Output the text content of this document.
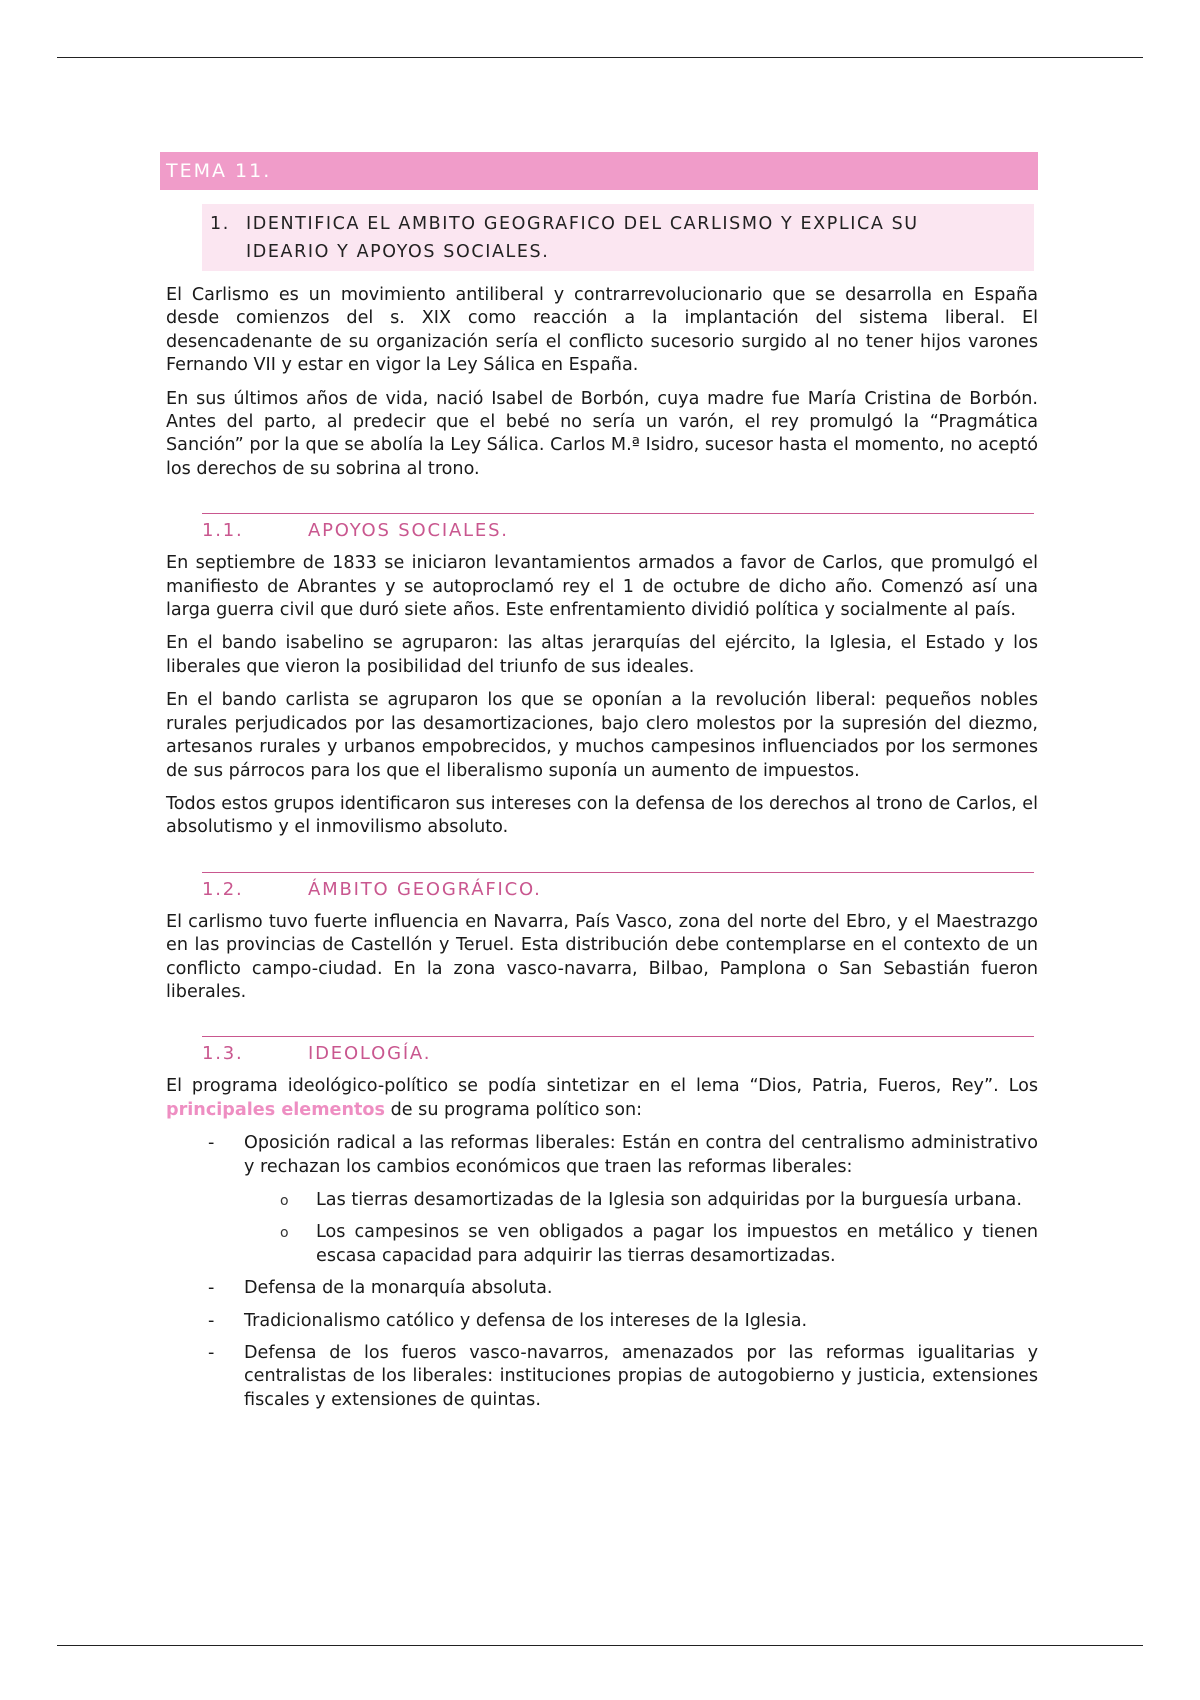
TEMA 11.
1. IDENTIFICA EL AMBITO GEOGRAFICO DEL CARLISMO Y EXPLICA SU IDEARIO Y APOYOS SOCIALES.

El Carlismo es un movimiento antiliberal y contrarrevolucionario que se desarrolla en España desde comienzos del s. XIX como reacción a la implantación del sistema liberal. El desencadenante de su organización sería el conflicto sucesorio surgido al no tener hijos varones Fernando VII y estar en vigor la Ley Sálica en España.

En sus últimos años de vida, nació Isabel de Borbón, cuya madre fue María Cristina de Borbón. Antes del parto, al predecir que el bebé no sería un varón, el rey promulgó la “Pragmática Sanción” por la que se abolía la Ley Sálica. Carlos M.ª Isidro, sucesor hasta el momento, no aceptó los derechos de su sobrina al trono.

1.1.	APOYOS SOCIALES.

En septiembre de 1833 se iniciaron levantamientos armados a favor de Carlos, que promulgó el manifiesto de Abrantes y se autoproclamó rey el 1 de octubre de dicho año. Comenzó así una larga guerra civil que duró siete años. Este enfrentamiento dividió política y socialmente al país.

En el bando isabelino se agruparon: las altas jerarquías del ejército, la Iglesia, el Estado y los liberales que vieron la posibilidad del triunfo de sus ideales.

En el bando carlista se agruparon los que se oponían a la revolución liberal: pequeños nobles rurales perjudicados por las desamortizaciones, bajo clero molestos por la supresión del diezmo, artesanos rurales y urbanos empobrecidos, y muchos campesinos influenciados por los sermones de sus párrocos para los que el liberalismo suponía un aumento de impuestos.

Todos estos grupos identificaron sus intereses con la defensa de los derechos al trono de Carlos, el absolutismo y el inmovilismo absoluto.

1.2.	ÁMBITO GEOGRÁFICO.

El carlismo tuvo fuerte influencia en Navarra, País Vasco, zona del norte del Ebro, y el Maestrazgo en las provincias de Castellón y Teruel. Esta distribución debe contemplarse en el contexto de un conflicto campo-ciudad. En la zona vasco-navarra, Bilbao, Pamplona o San Sebastián fueron liberales.

1.3.	IDEOLOGÍA.

El programa ideológico-político se podía sintetizar en el lema “Dios, Patria, Fueros, Rey”. Los principales elementos de su programa político son:

- Oposición radical a las reformas liberales: Están en contra del centralismo administrativo y rechazan los cambios económicos que traen las reformas liberales:

o Las tierras desamortizadas de la Iglesia son adquiridas por la burguesía urbana.

o Los campesinos se ven obligados a pagar los impuestos en metálico y tienen escasa capacidad para adquirir las tierras desamortizadas.

- Defensa de la monarquía absoluta.

- Tradicionalismo católico y defensa de los intereses de la Iglesia.

- Defensa de los fueros vasco-navarros, amenazados por las reformas igualitarias y centralistas de los liberales: instituciones propias de autogobierno y justicia, extensiones fiscales y extensiones de quintas.
